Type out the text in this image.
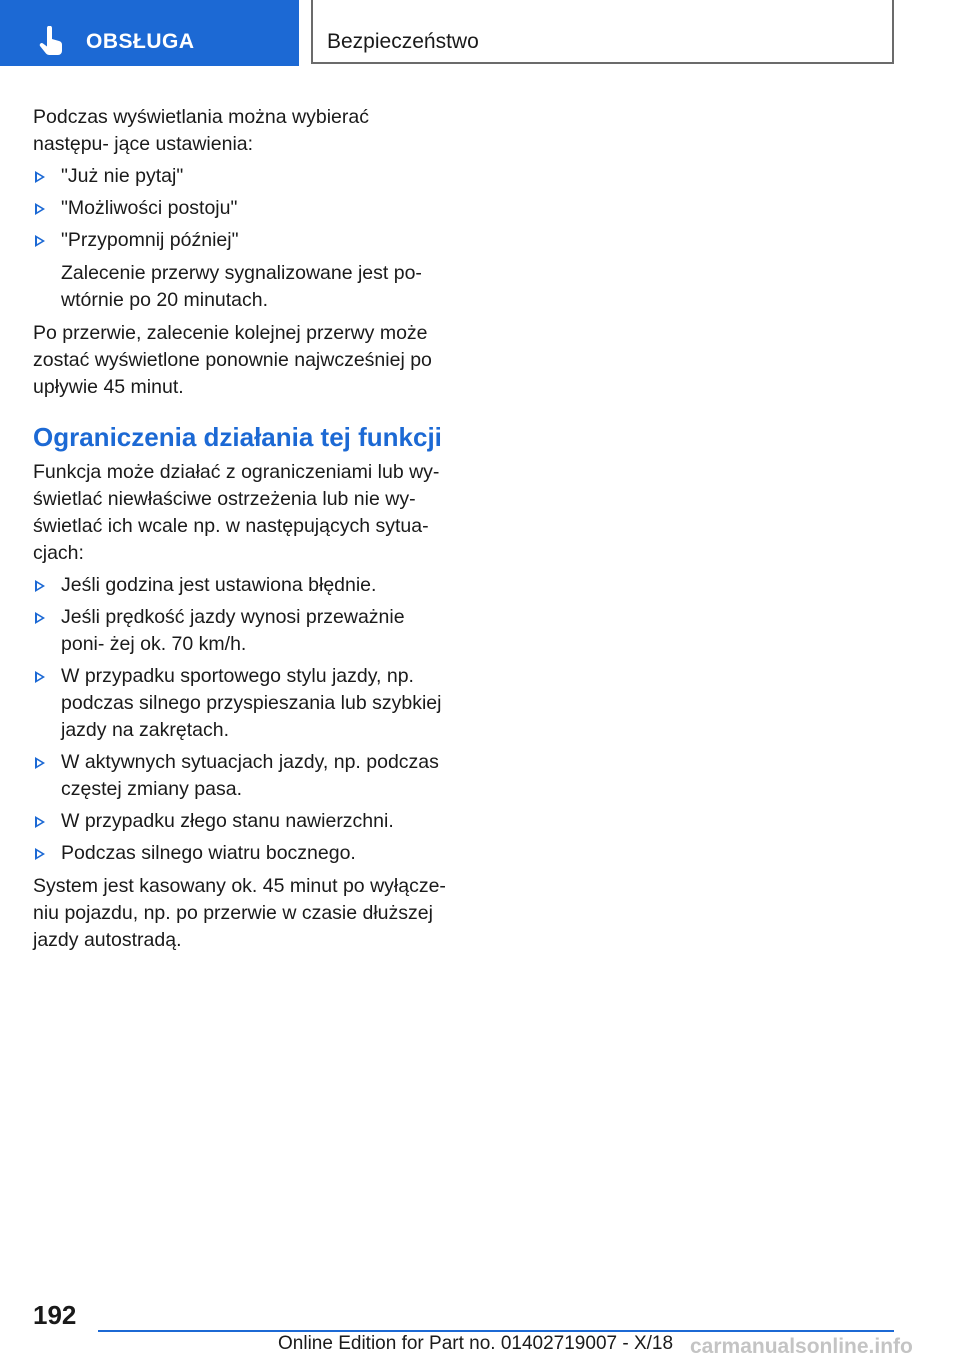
OBSŁUGA	Bezpieczeństwo

Podczas wyświetlania można wybierać następu- jące ustawienia:

"Już nie pytaj"
"Możliwości postoju"
"Przypomnij później"

Zalecenie przerwy sygnalizowane jest po- wtórnie po 20 minutach.

Po przerwie, zalecenie kolejnej przerwy może zostać wyświetlone ponownie najwcześniej po upływie 45 minut.

Ograniczenia działania tej funkcji

Funkcja może działać z ograniczeniami lub wy- świetlać niewłaściwe ostrzeżenia lub nie wy- świetlać ich wcale np. w następujących sytua- cjach:

Jeśli godzina jest ustawiona błędnie.
Jeśli prędkość jazdy wynosi przeważnie poni- żej ok. 70 km/h.
W przypadku sportowego stylu jazdy, np. podczas silnego przyspieszania lub szybkiej jazdy na zakrętach.
W aktywnych sytuacjach jazdy, np. podczas częstej zmiany pasa.
W przypadku złego stanu nawierzchni.
Podczas silnego wiatru bocznego.

System jest kasowany ok. 45 minut po wyłącze- niu pojazdu, np. po przerwie w czasie dłuższej jazdy autostradą.

192
Online Edition for Part no. 01402719007 - X/18 carmanualsonline.info
